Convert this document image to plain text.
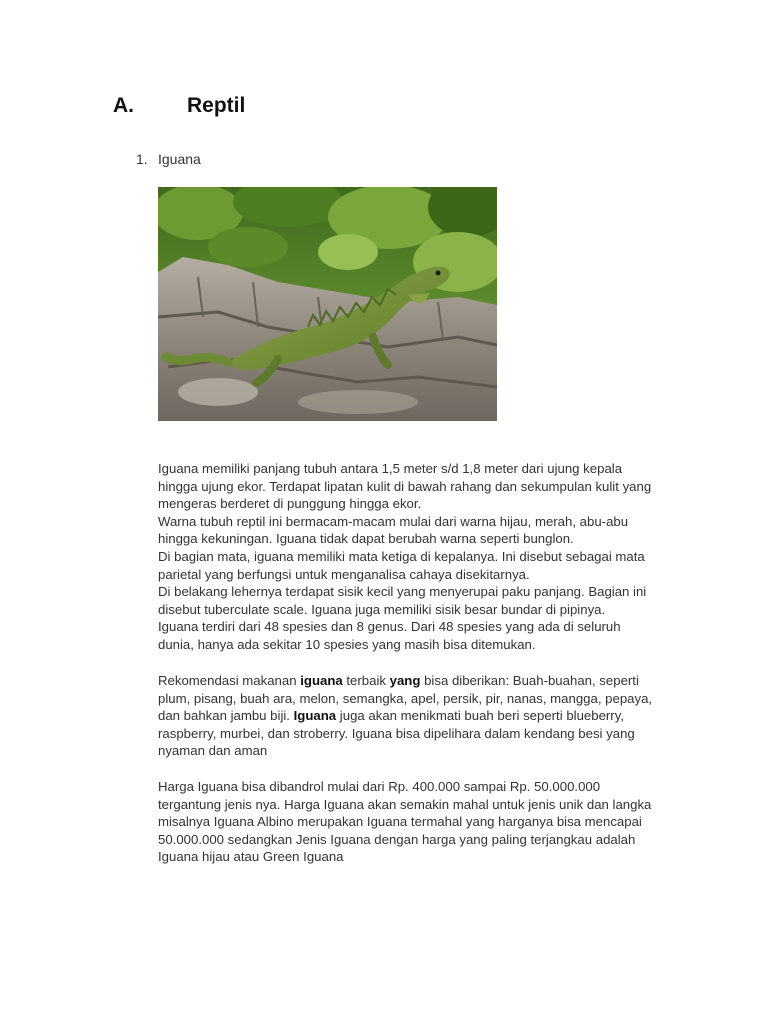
A.	Reptil
1. Iguana
Iguana memiliki panjang tubuh antara 1,5 meter s/d 1,8 meter dari ujung kepala
hingga ujung ekor. Terdapat lipatan kulit di bawah rahang dan sekumpulan kulit yang
mengeras berderet di punggung hingga ekor.
Warna tubuh reptil ini bermacam-macam mulai dari warna hijau, merah, abu-abu
hingga kekuningan. Iguana tidak dapat berubah warna seperti bunglon.
Di bagian mata, iguana memiliki mata ketiga di kepalanya. Ini disebut sebagai mata
parietal yang berfungsi untuk menganalisa cahaya disekitarnya.
Di belakang lehernya terdapat sisik kecil yang menyerupai paku panjang. Bagian ini
disebut tuberculate scale. Iguana juga memiliki sisik besar bundar di pipinya.
Iguana terdiri dari 48 spesies dan 8 genus. Dari 48 spesies yang ada di seluruh
dunia, hanya ada sekitar 10 spesies yang masih bisa ditemukan.
Rekomendasi makanan iguana terbaik yang bisa diberikan: Buah-buahan, seperti
plum, pisang, buah ara, melon, semangka, apel, persik, pir, nanas, mangga, pepaya,
dan bahkan jambu biji. Iguana juga akan menikmati buah beri seperti blueberry,
raspberry, murbei, dan stroberry. Iguana bisa dipelihara dalam kendang besi yang
nyaman dan aman
Harga Iguana bisa dibandrol mulai dari Rp. 400.000 sampai Rp. 50.000.000
tergantung jenis nya. Harga Iguana akan semakin mahal untuk jenis unik dan langka
misalnya Iguana Albino merupakan Iguana termahal yang harganya bisa mencapai
50.000.000 sedangkan Jenis Iguana dengan harga yang paling terjangkau adalah
Iguana hijau atau Green Iguana
